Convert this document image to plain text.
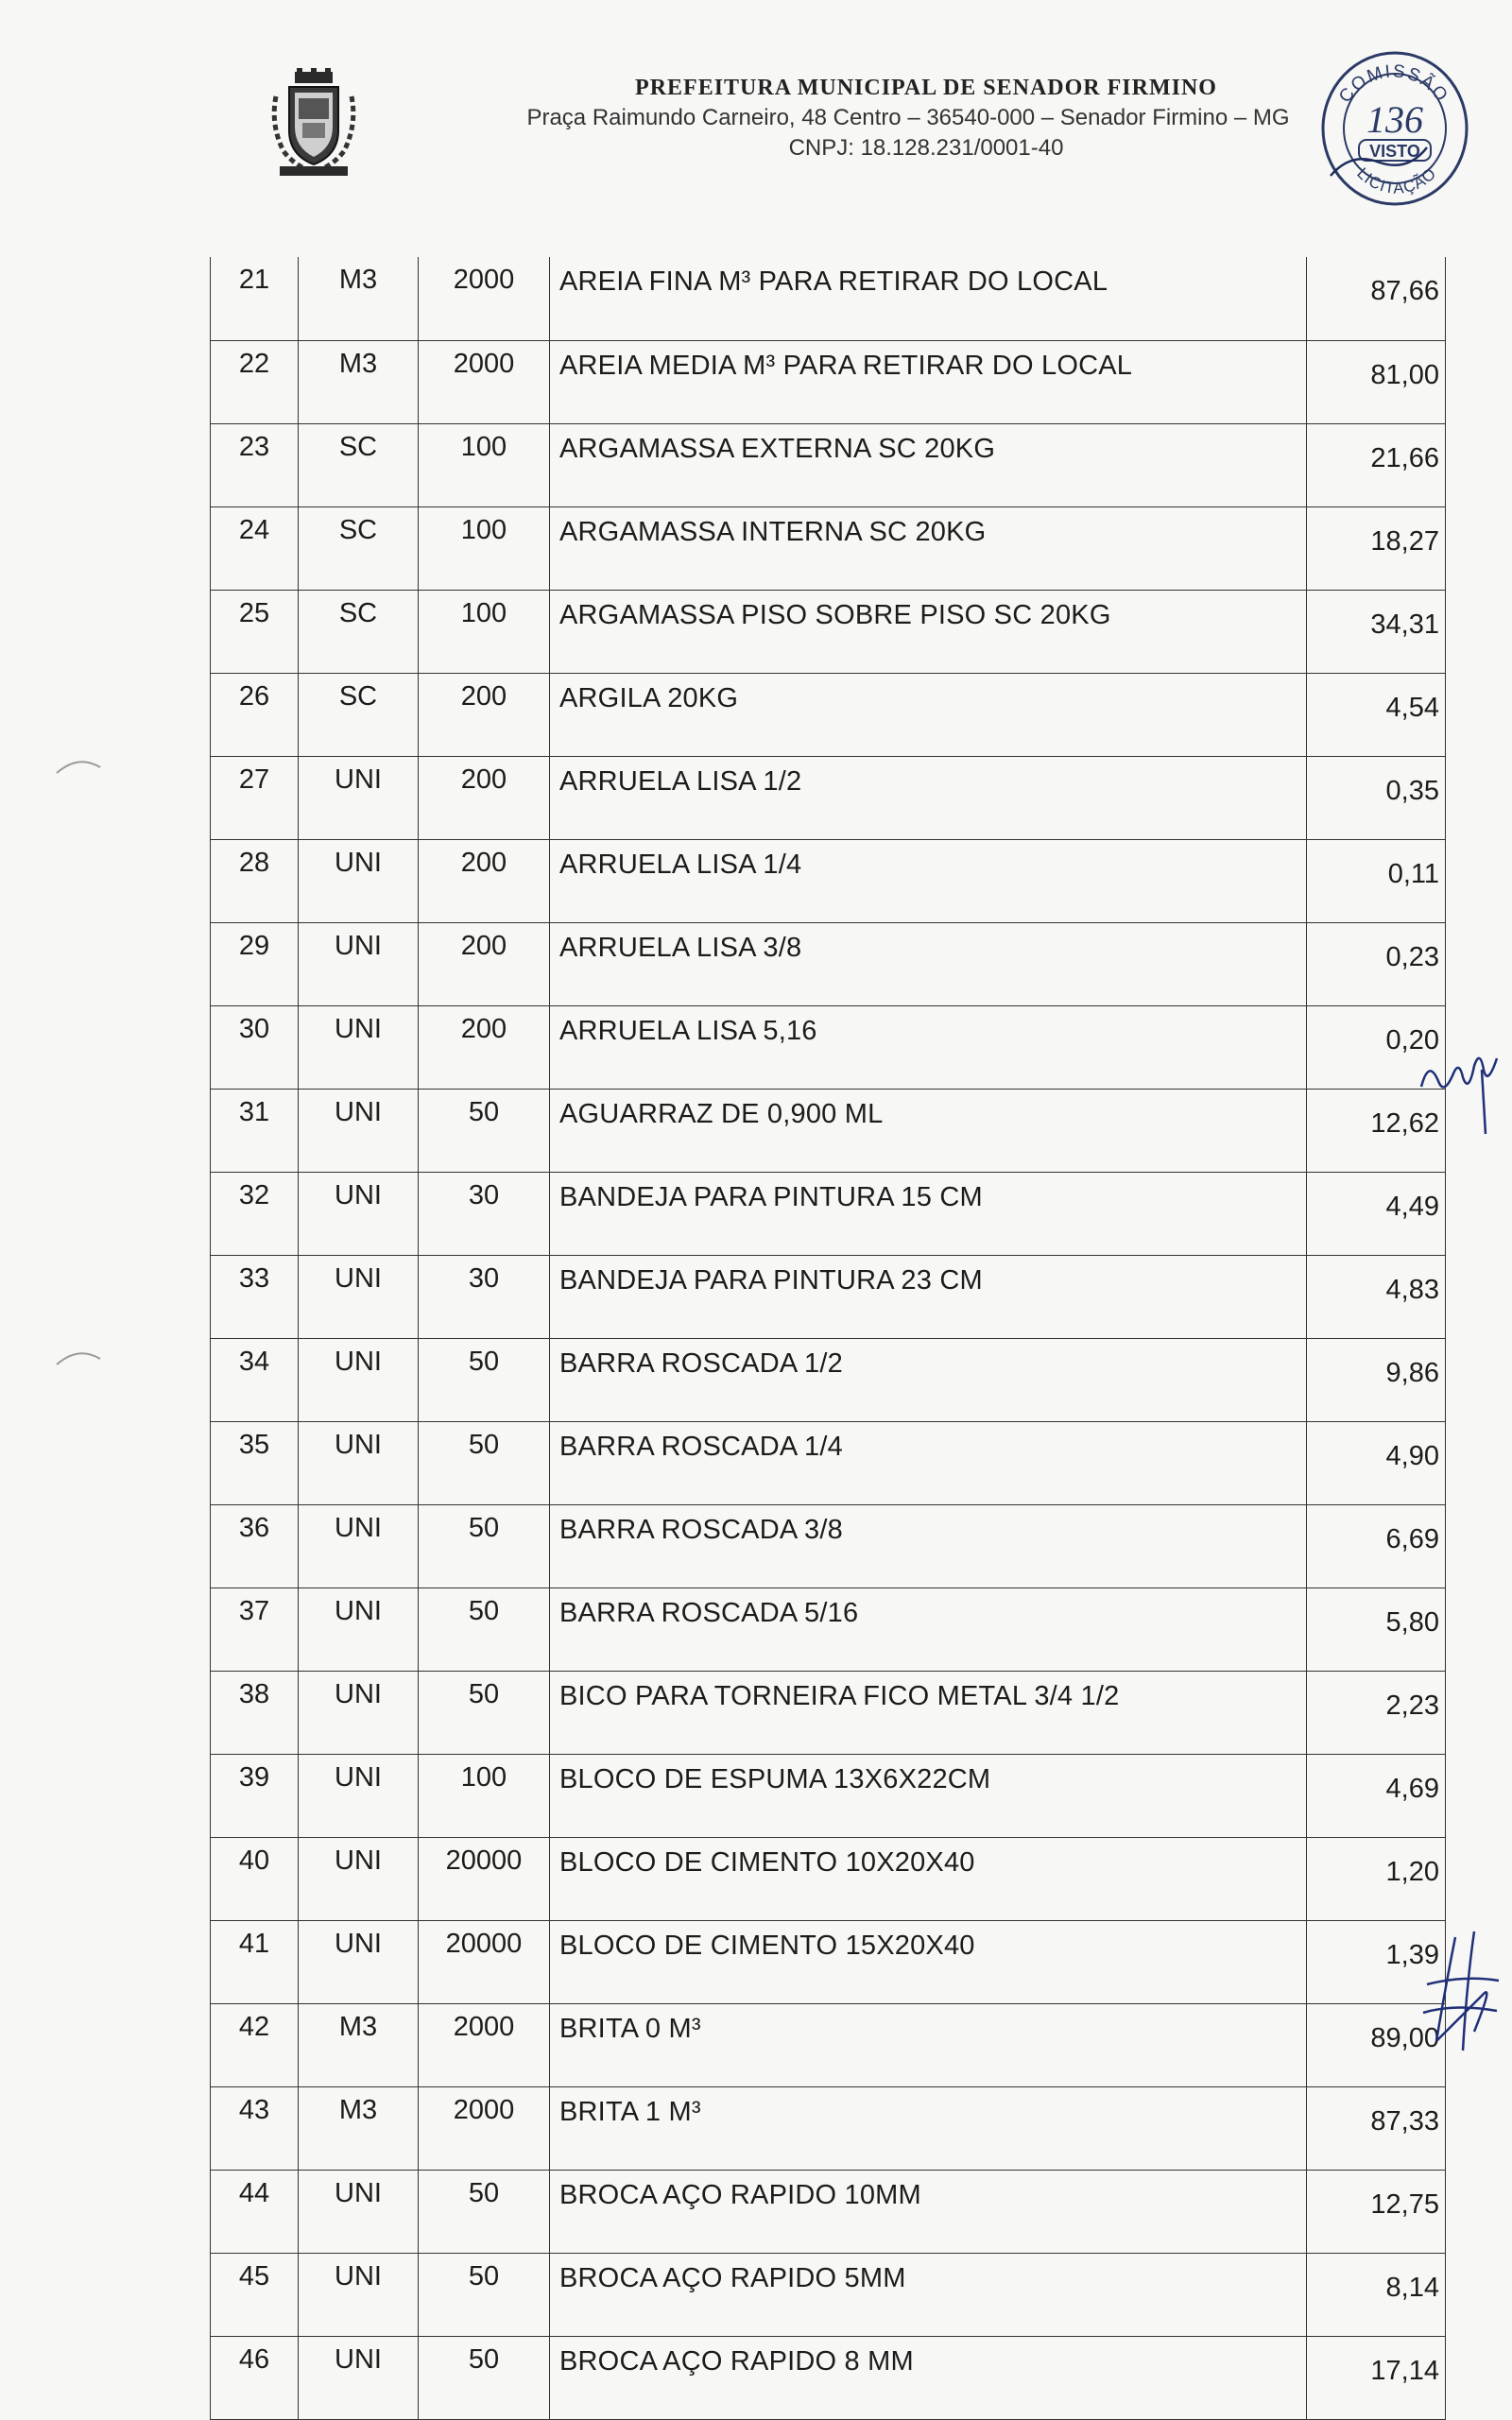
PREFEITURA MUNICIPAL DE SENADOR FIRMINO

Praça Raimundo Carneiro, 48 Centro – 36540-000 – Senador Firmino – MG

CNPJ: 18.128.231/0001-40

COMISSÃO
136
VISTO
LICITAÇÃO
21	M3	2000	AREIA FINA M³ PARA RETIRAR DO LOCAL	87,66
22	M3	2000	AREIA MEDIA M³ PARA RETIRAR DO LOCAL	81,00
23	SC	100	ARGAMASSA EXTERNA SC 20KG	21,66
24	SC	100	ARGAMASSA INTERNA SC 20KG	18,27
25	SC	100	ARGAMASSA PISO SOBRE PISO SC 20KG	34,31
26	SC	200	ARGILA 20KG	4,54
27	UNI	200	ARRUELA LISA 1/2	0,35
28	UNI	200	ARRUELA LISA 1/4	0,11
29	UNI	200	ARRUELA LISA 3/8	0,23
30	UNI	200	ARRUELA LISA 5,16	0,20
31	UNI	50	AGUARRAZ DE 0,900 ML	12,62
32	UNI	30	BANDEJA PARA PINTURA 15 CM	4,49
33	UNI	30	BANDEJA PARA PINTURA 23 CM	4,83
34	UNI	50	BARRA ROSCADA 1/2	9,86
35	UNI	50	BARRA ROSCADA 1/4	4,90
36	UNI	50	BARRA ROSCADA 3/8	6,69
37	UNI	50	BARRA ROSCADA 5/16	5,80
38	UNI	50	BICO PARA TORNEIRA FICO METAL 3/4 1/2	2,23
39	UNI	100	BLOCO DE ESPUMA 13X6X22CM	4,69
40	UNI	20000	BLOCO DE CIMENTO 10X20X40	1,20
41	UNI	20000	BLOCO DE CIMENTO 15X20X40	1,39
42	M3	2000	BRITA 0 M³	89,00
43	M3	2000	BRITA 1 M³	87,33
44	UNI	50	BROCA AÇO RAPIDO 10MM	12,75
45	UNI	50	BROCA AÇO RAPIDO 5MM	8,14
46	UNI	50	BROCA AÇO RAPIDO 8 MM	17,14
